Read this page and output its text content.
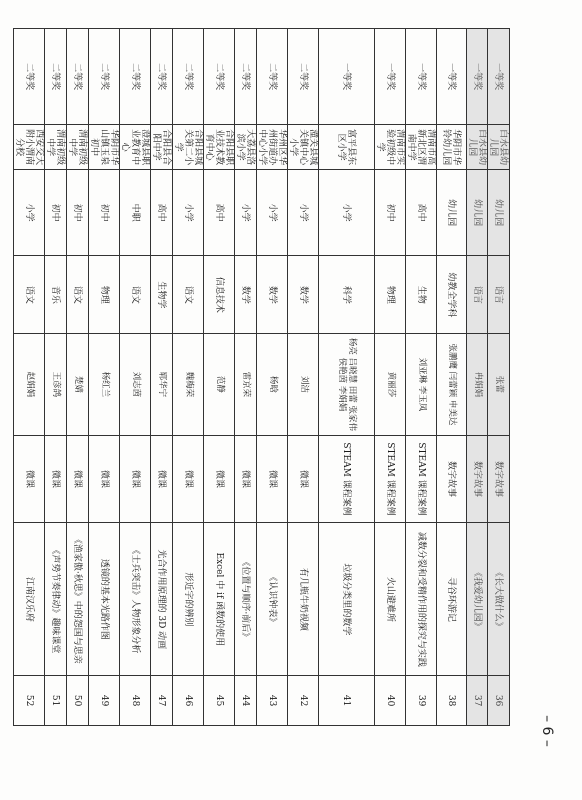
一等奖	白水县幼儿园	幼儿园	语言	张蕾	数字故事	《长大做什么》	36
一等奖	白水县幼儿园	幼儿园	语言	冉娟娟	数字故事	《我爱幼儿园》	37
一等奖	华阴市华铃幼儿园	幼儿园	幼教全学科	张鹏鹰 闫蕾颖 申美达	数字故事	寻谷环游记	38
一等奖	渭南市高新北区渭南中学	高中	生物	刘亚琳 李玉凤	STEAM 课程案例	减数分裂和受精作用的探究与实践	39
一等奖	渭南市实验初级中学	初中	物理	黄丽莎	STEAM 课程案例	火山避难所	40
一等奖	富平县东区小学	小学	科学	杨亮 吕晓慧 田蕾 张家伟 侯艳茵 李娟娟	STEAM 课程案例	垃圾分类里的数学	41
二等奖	潼关县城关镇中心小学	小学	数学	刘洁	微课	有几瓶牛奶视频	42
二等奖	华州区华州街道办中心小学	小学	数学	杨晗	微课	《认识钟表》	43
二等奖	大荔县洛滨小学	小学	数学	雷京荣	微课	《位置与顺序·前后》	44
二等奖	合阳县职业技术教育中心	高中	信息技术	范静	微课	Excel 中 if 函数的使用	45
二等奖	合阳县城关第二小学	小学	语文	魏梅荣	微课	形近字的辨别	46
二等奖	合阳县合阳中学	高中	生物学	郓华宁	微课	光合作用原理的 3D 动画	47
二等奖	澄城县职业教育中心	中职	语文	刘志茵	微课	《士兵突击》人物形象分析	48
二等奖	华阴市华山镇玉泉初中	初中	物理	杨红兰	微课	透镜的基本光路作图	49
二等奖	渭南初级中学	初中	语文	楚婧	微课	《渔家傲·秋思》中的怨国与思亲	50
二等奖	渭南初级中学	初中	音乐	王彦鸽	微课	《声势节奏律动》趣味课堂	51
二等奖	西安交大附小渭南分校	小学	语文	赵娟娟	微课	江南汉乐府	52
– 6 –
